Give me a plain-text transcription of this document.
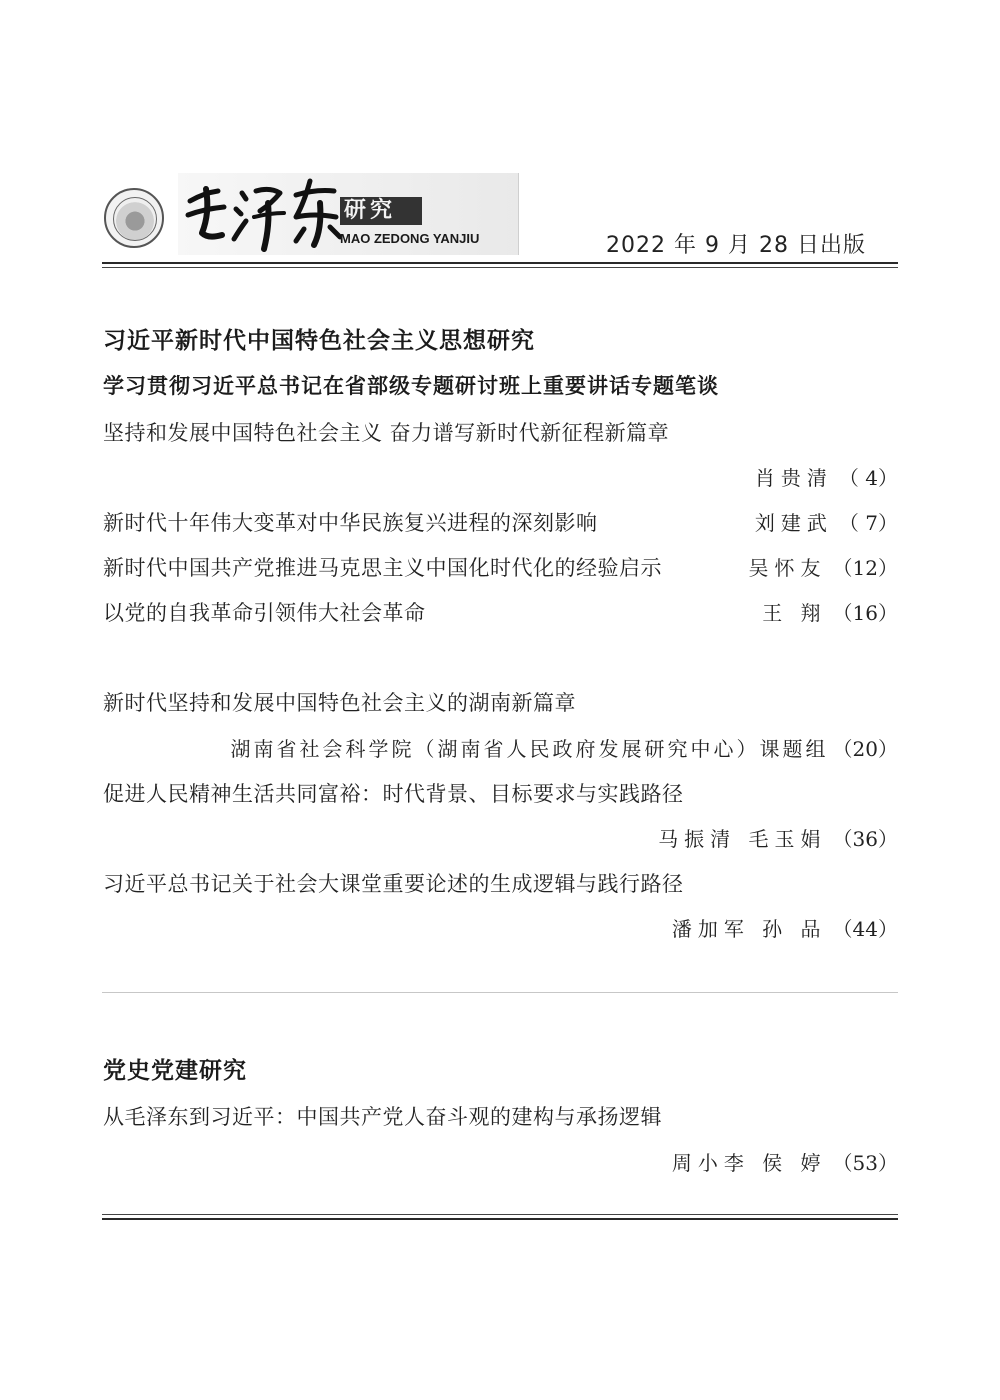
研究
MAO ZEDONG YANJIU	2022 年 9 月 28 日出版
习近平新时代中国特色社会主义思想研究
学习贯彻习近平总书记在省部级专题研讨班上重要讲话专题笔谈
坚持和发展中国特色社会主义 奋力谱写新时代新征程新篇章
肖贵清 （ 4）
新时代十年伟大变革对中华民族复兴进程的深刻影响	刘建武 （ 7）
新时代中国共产党推进马克思主义中国化时代化的经验启示	吴怀友 （12）
以党的自我革命引领伟大社会革命	王 翔 （16）
新时代坚持和发展中国特色社会主义的湖南新篇章
湖南省社会科学院（湖南省人民政府发展研究中心）课题组 （20）
促进人民精神生活共同富裕：时代背景、目标要求与实践路径
马振清 毛玉娟 （36）
习近平总书记关于社会大课堂重要论述的生成逻辑与践行路径
潘加军 孙 品 （44）
党史党建研究
从毛泽东到习近平：中国共产党人奋斗观的建构与承扬逻辑
周小李 侯 婷 （53）
